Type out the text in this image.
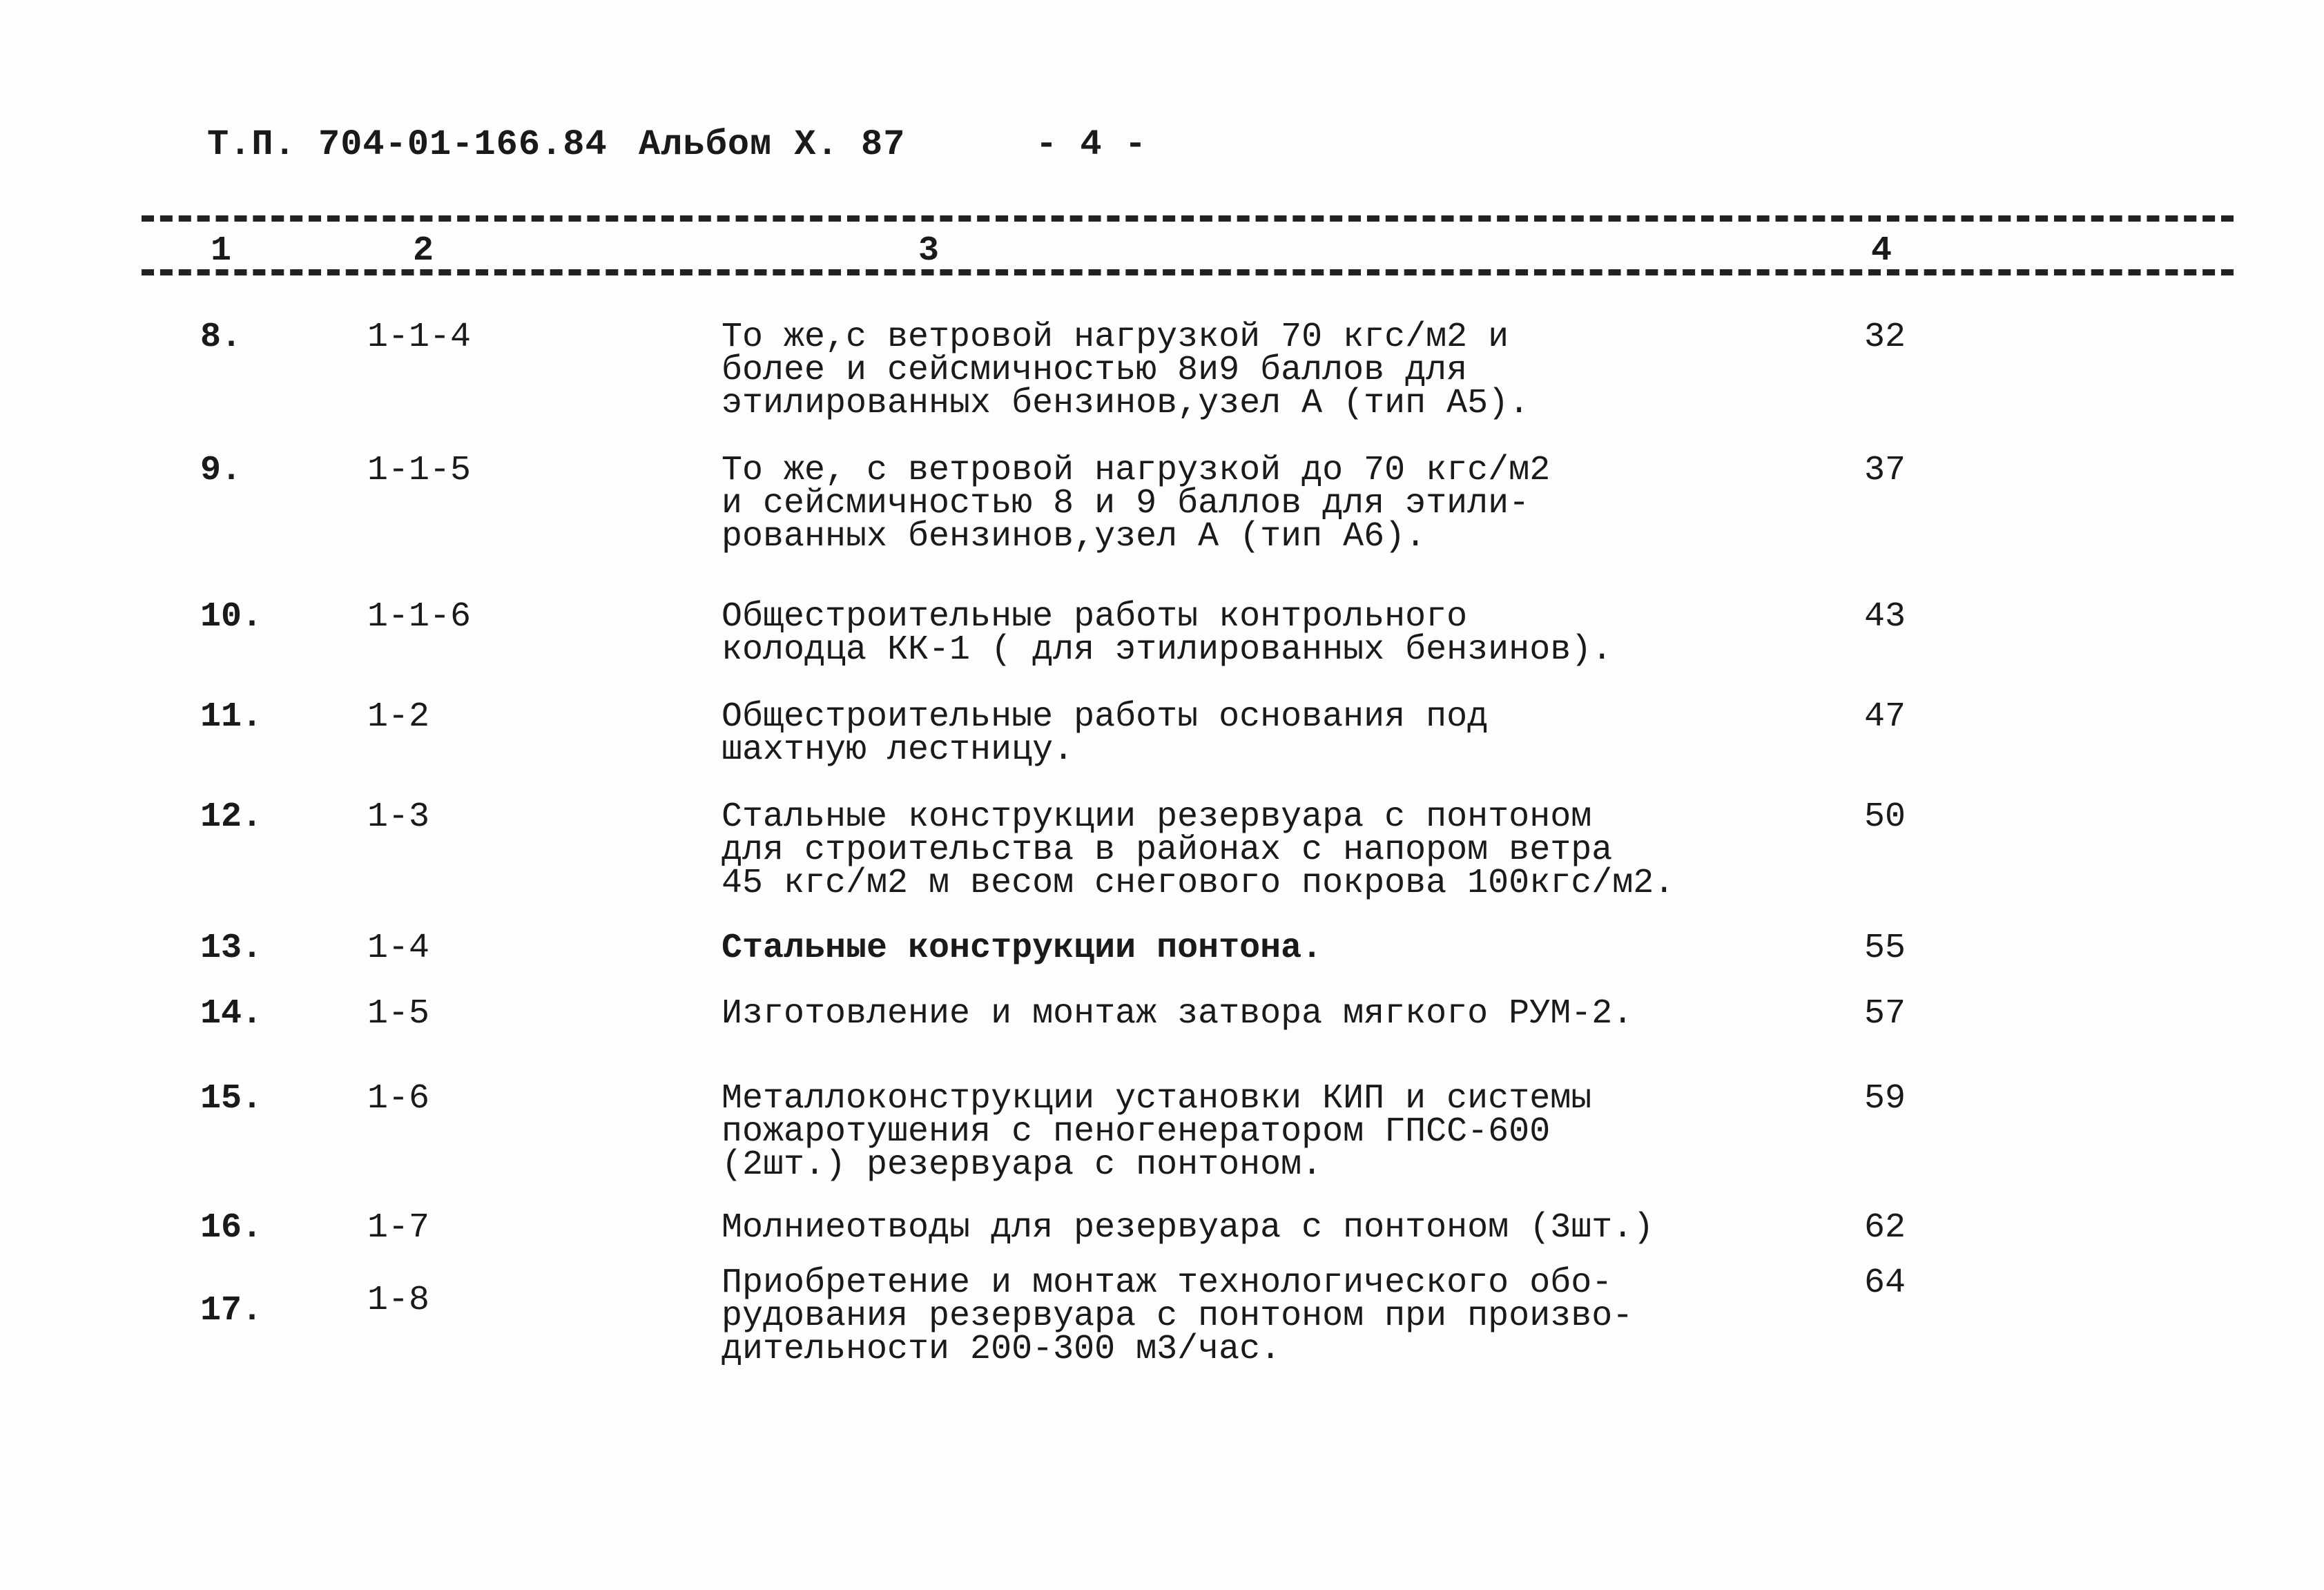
Т.П. 704-01-166.84 Альбом Х. 87	- 4 -
1	2	3	4
8.	1-1-4	То же,с ветровой нагрузкой 70 кгс/м2 и
более и сейсмичностью 8и9 баллов для
этилированных бензинов,узел А (тип А5).
32
9.	1-1-5	То же, с ветровой нагрузкой до 70 кгс/м2
и сейсмичностью 8 и 9 баллов для этили-
рованных бензинов,узел А (тип А6).
37
10.	1-1-6	Общестроительные работы контрольного
колодца КК-1 ( для этилированных бензинов).
43
11.	1-2	Общестроительные работы основания под
шахтную лестницу.
47
12.	1-3	Стальные конструкции резервуара с понтоном
для строительства в районах с напором ветра
45 кгс/м2 м весом снегового покрова 100кгс/м2.
50
13.	1-4	Стальные конструкции понтона.	55
14.	1-5	Изготовление и монтаж затвора мягкого РУМ-2.	57
15.	1-6	Металлоконструкции установки КИП и системы
пожаротушения с пеногенератором ГПСС-600
(2шт.) резервуара с понтоном.
59
16.	1-7	Молниеотводы для резервуара с понтоном (3шт.)	62
17.	1-8	Приобретение и монтаж технологического обо-
рудования резервуара с понтоном при произво-
дительности 200-300 м3/час.
64
